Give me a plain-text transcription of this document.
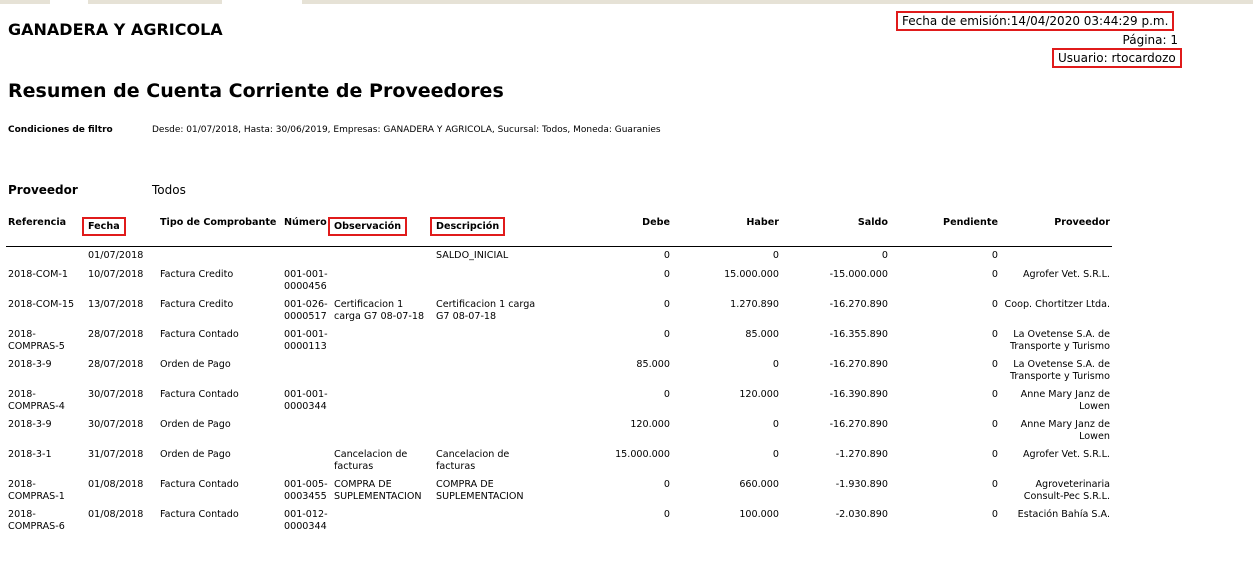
GANADERA Y AGRICOLA	Fecha de emisión:14/04/2020 03:44:29 p.m.
Página: 1
Usuario: rtocardozo
Resumen de Cuenta Corriente de Proveedores
Condiciones de filtro	Desde: 01/07/2018, Hasta: 30/06/2019, Empresas: GANADERA Y AGRICOLA, Sucursal: Todos, Moneda: Guaranies
Proveedor	Todos
Referencia	Fecha	Tipo de Comprobante	Número	Observación	Descripción	Debe	Haber	Saldo	Pendiente	Proveedor
	01/07/2018				SALDO_INICIAL	0	0	0	0	
2018-COM-1	10/07/2018	Factura Credito	001-001-0000456			0	15.000.000	-15.000.000	0	Agrofer Vet. S.R.L.
2018-COM-15	13/07/2018	Factura Credito	001-026-0000517	Certificacion 1 carga G7 08-07-18	Certificacion 1 carga G7 08-07-18	0	1.270.890	-16.270.890	0	Coop. Chortitzer Ltda.
2018-COMPRAS-5	28/07/2018	Factura Contado	001-001-0000113			0	85.000	-16.355.890	0	La Ovetense S.A. de Transporte y Turismo
2018-3-9	28/07/2018	Orden de Pago				85.000	0	-16.270.890	0	La Ovetense S.A. de Transporte y Turismo
2018-COMPRAS-4	30/07/2018	Factura Contado	001-001-0000344			0	120.000	-16.390.890	0	Anne Mary Janz de Lowen
2018-3-9	30/07/2018	Orden de Pago				120.000	0	-16.270.890	0	Anne Mary Janz de Lowen
2018-3-1	31/07/2018	Orden de Pago		Cancelacion de facturas	Cancelacion de facturas	15.000.000	0	-1.270.890	0	Agrofer Vet. S.R.L.
2018-COMPRAS-1	01/08/2018	Factura Contado	001-005-0003455	COMPRA DE SUPLEMENTACION	COMPRA DE SUPLEMENTACION	0	660.000	-1.930.890	0	Agroveterinaria Consult-Pec S.R.L.
2018-COMPRAS-6	01/08/2018	Factura Contado	001-012-0000344			0	100.000	-2.030.890	0	Estación Bahía S.A.
